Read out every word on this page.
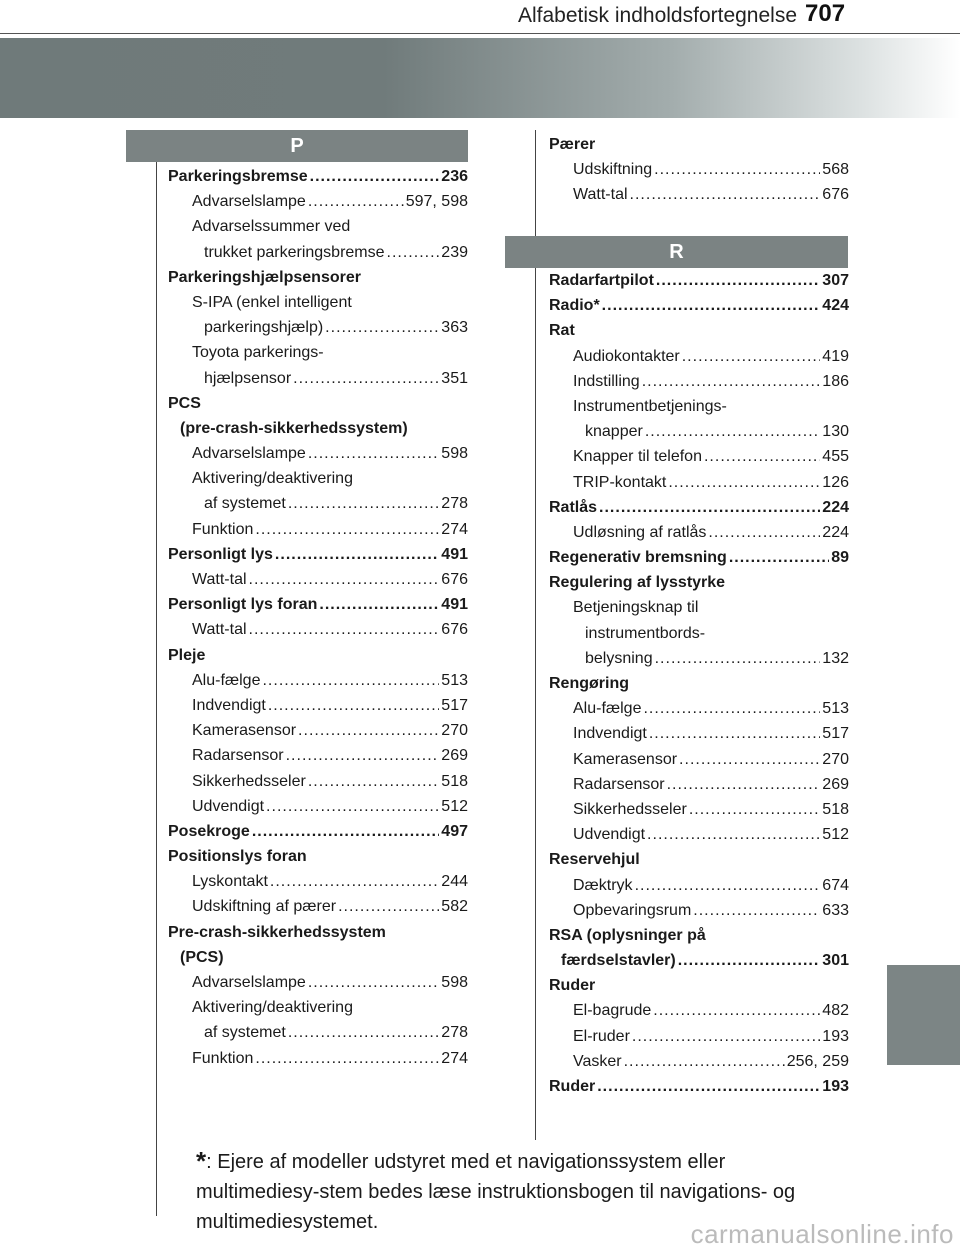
Alfabetisk indholdsfortegnelse 707
P
Parkeringsbremse .....	236
Advarselslampe .....	597, 598
Advarselssummer ved
trukket parkeringsbremse .....	239
Parkeringshjælpsensorer
S-IPA (enkel intelligent
parkeringshjælp) .....	363
Toyota parkerings-
hjælpsensor .....	351
PCS
(pre-crash-sikkerhedssystem)
Advarselslampe .....	598
Aktivering/deaktivering
af systemet .....	278
Funktion .....	274
Personligt lys .....	491
Watt-tal .....	676
Personligt lys foran .....	491
Watt-tal .....	676
Pleje
Alu-fælge .....	513
Indvendigt .....	517
Kamerasensor .....	270
Radarsensor .....	269
Sikkerhedsseler .....	518
Udvendigt .....	512
Posekroge .....	497
Positionslys foran
Lyskontakt .....	244
Udskiftning af pærer .....	582
Pre-crash-sikkerhedssystem
(PCS)
Advarselslampe .....	598
Aktivering/deaktivering
af systemet .....	278
Funktion .....	274
Pærer
Udskiftning .....	568
Watt-tal .....	676
R
Radarfartpilot .....	307
Radio* .....	424
Rat
Audiokontakter .....	419
Indstilling .....	186
Instrumentbetjenings-
knapper .....	130
Knapper til telefon .....	455
TRIP-kontakt .....	126
Ratlås .....	224
Udløsning af ratlås .....	224
Regenerativ bremsning .....	89
Regulering af lysstyrke
Betjeningsknap til
instrumentbords-
belysning .....	132
Rengøring
Alu-fælge .....	513
Indvendigt .....	517
Kamerasensor .....	270
Radarsensor .....	269
Sikkerhedsseler .....	518
Udvendigt .....	512
Reservehjul
Dæktryk .....	674
Opbevaringsrum .....	633
RSA (oplysninger på
færdselstavler) .....	301
Ruder
El-bagrude .....	482
El-ruder .....	193
Vasker .....	256, 259
Ruder .....	193
*: Ejere af modeller udstyret med et navigationssystem eller multimediesy-stem bedes læse instruktionsbogen til navigations- og multimediesystemet.	carmanualsonline.info
